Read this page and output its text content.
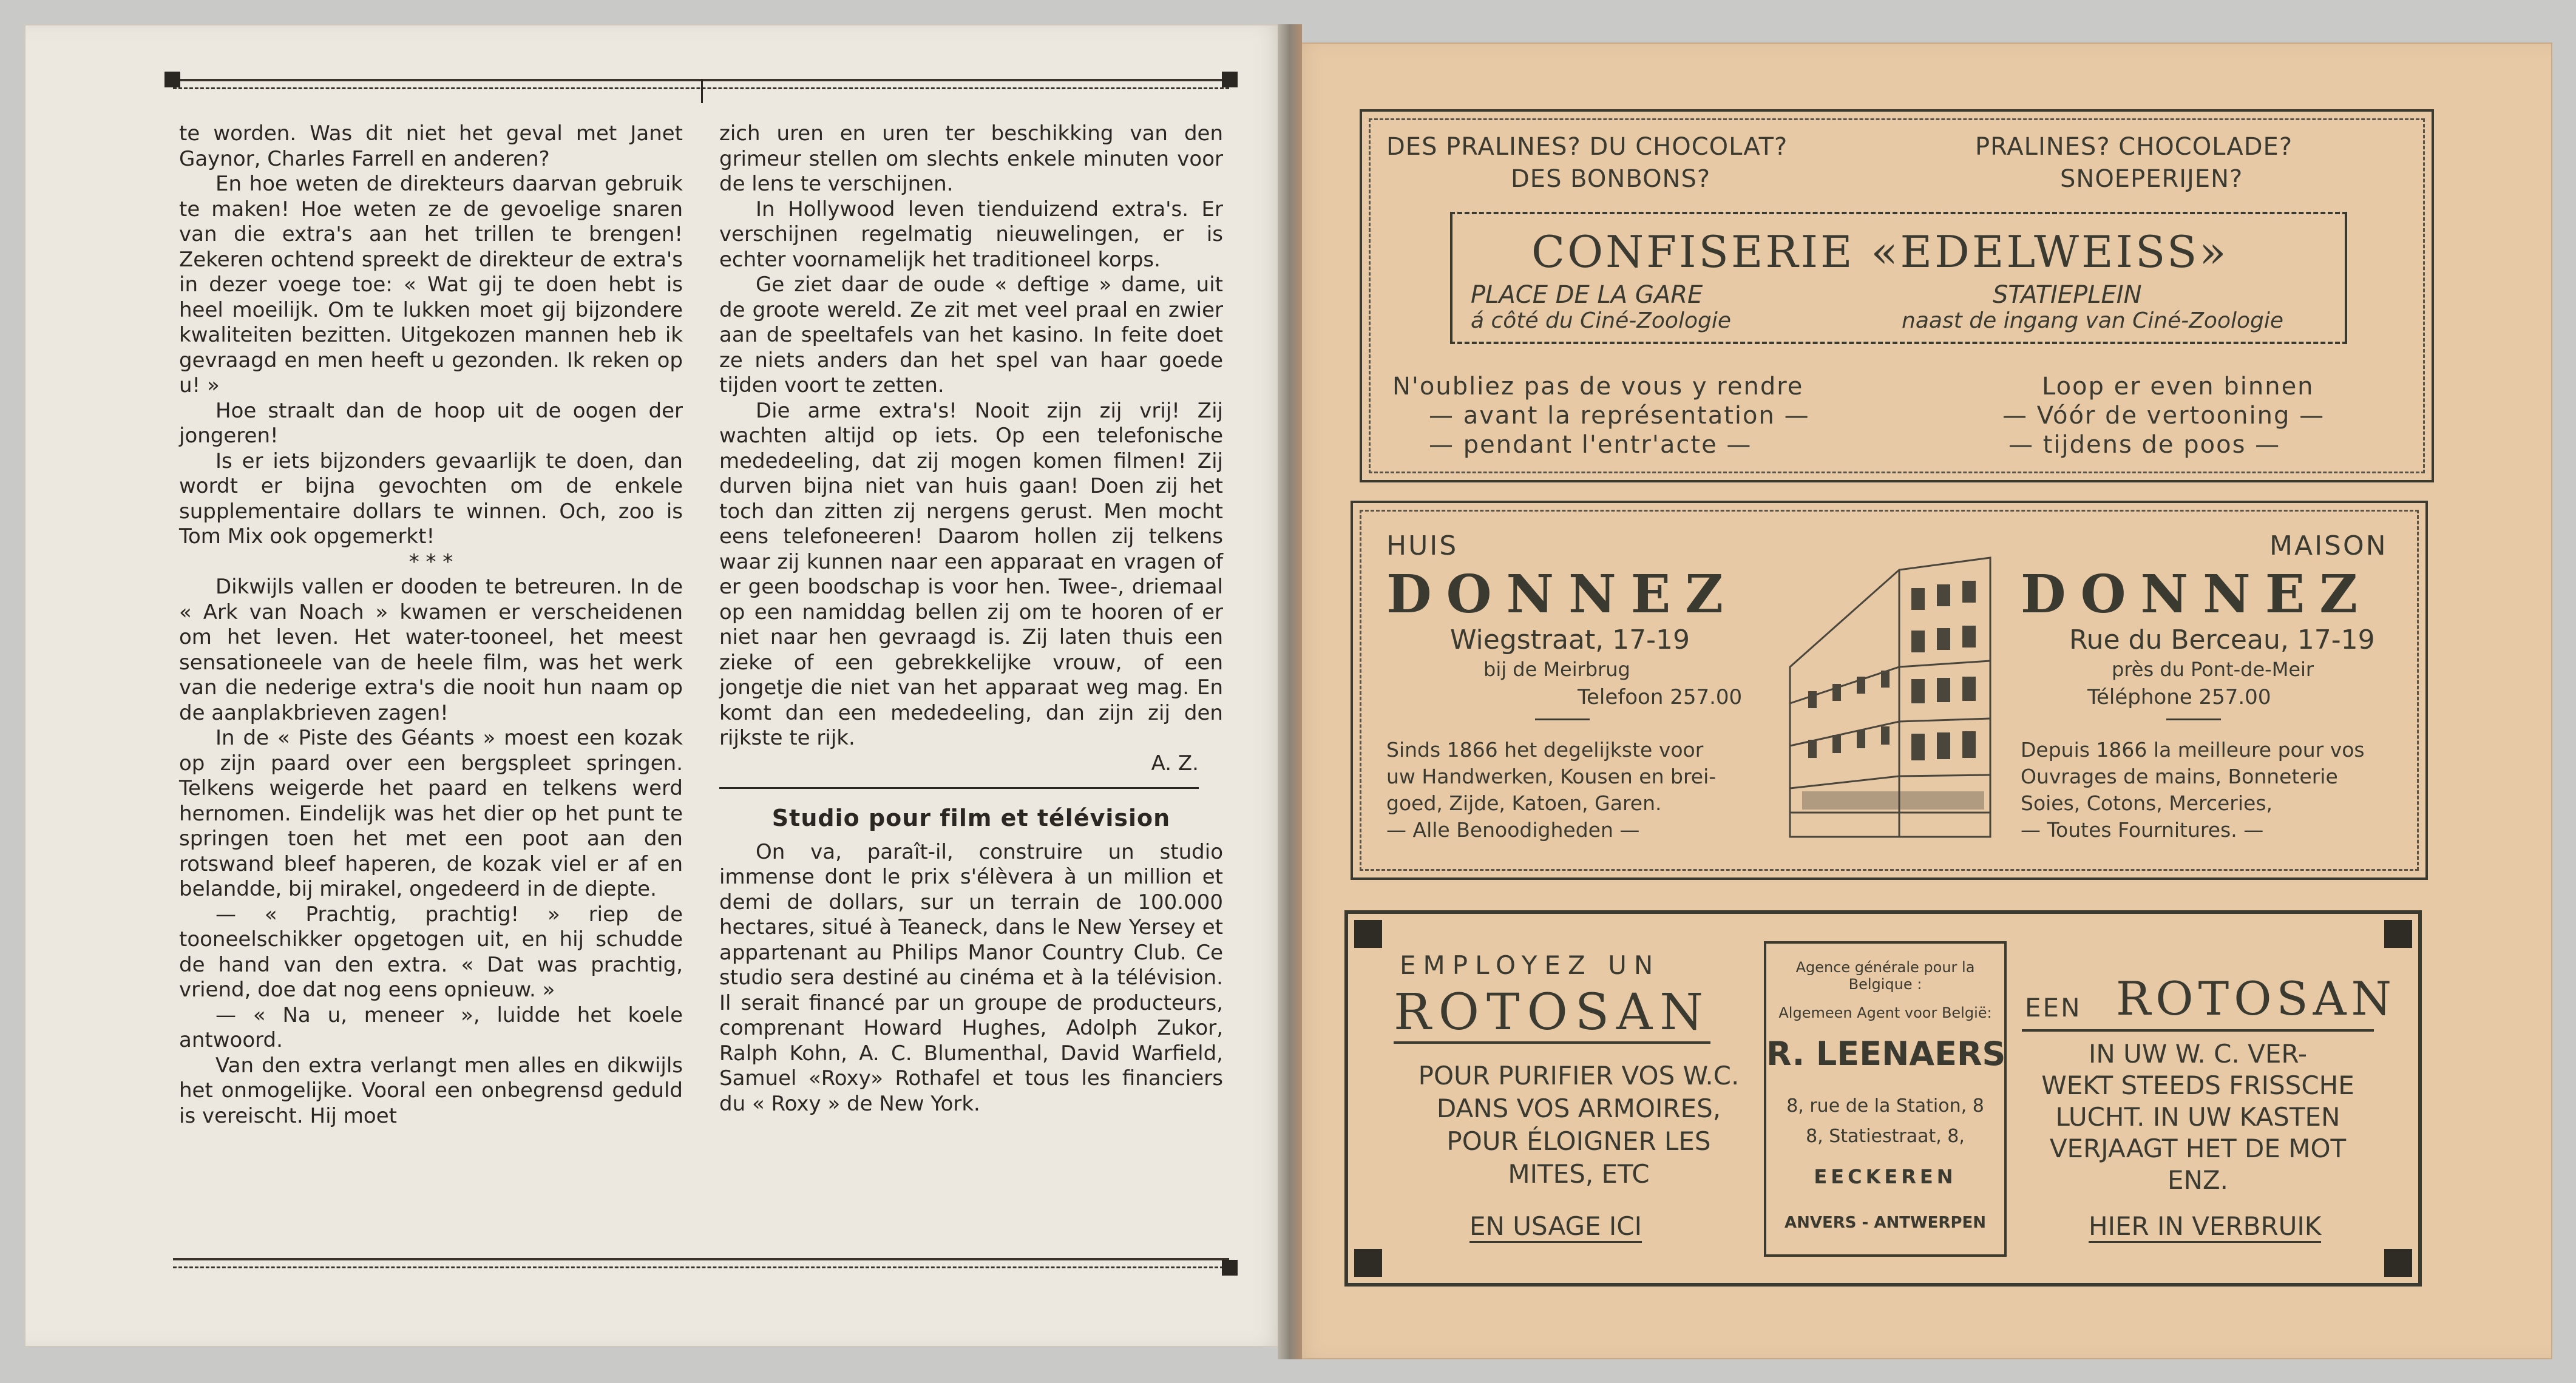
te worden. Was dit niet het geval met Janet Gaynor, Charles Farrell en anderen?

En hoe weten de direkteurs daarvan gebruik te maken! Hoe weten ze de gevoelige snaren van die extra's aan het trillen te brengen! Zekeren ochtend spreekt de direkteur de extra's in dezer voege toe: « Wat gij te doen hebt is heel moeilijk. Om te lukken moet gij bijzondere kwaliteiten bezitten. Uitgekozen mannen heb ik gevraagd en men heeft u gezonden. Ik reken op u! »

Hoe straalt dan de hoop uit de oogen der jongeren!

Is er iets bijzonders gevaarlijk te doen, dan wordt er bijna gevochten om de enkele supplementaire dollars te winnen. Och, zoo is Tom Mix ook opgemerkt!

* * *

Dikwijls vallen er dooden te betreuren. In de « Ark van Noach » kwamen er verscheidenen om het leven. Het water-tooneel, het meest sensationeele van de heele film, was het werk van die nederige extra's die nooit hun naam op de aanplakbrieven zagen!

In de « Piste des Géants » moest een kozak op zijn paard over een bergspleet springen. Telkens weigerde het paard en telkens werd hernomen. Eindelijk was het dier op het punt te springen toen het met een poot aan den rotswand bleef haperen, de kozak viel er af en belandde, bij mirakel, ongedeerd in de diepte.

— « Prachtig, prachtig! » riep de tooneelschikker opgetogen uit, en hij schudde de hand van den extra. « Dat was prachtig, vriend, doe dat nog eens opnieuw. »

— « Na u, meneer », luidde het koele antwoord.

Van den extra verlangt men alles en dikwijls het onmogelijke. Vooral een onbegrensd geduld is vereischt. Hij moet

zich uren en uren ter beschikking van den grimeur stellen om slechts enkele minuten voor de lens te verschijnen.

In Hollywood leven tienduizend extra's. Er verschijnen regelmatig nieuwelingen, er is echter voornamelijk het traditioneel korps.

Ge ziet daar de oude « deftige » dame, uit de groote wereld. Ze zit met veel praal en zwier aan de speeltafels van het kasino. In feite doet ze niets anders dan het spel van haar goede tijden voort te zetten.

Die arme extra's! Nooit zijn zij vrij! Zij wachten altijd op iets. Op een telefonische mededeeling, dat zij mogen komen filmen! Zij durven bijna niet van huis gaan! Doen zij het toch dan zitten zij nergens gerust. Men mocht eens telefoneeren! Daarom hollen zij telkens waar zij kunnen naar een apparaat en vragen of er geen boodschap is voor hen. Twee-, driemaal op een namiddag bellen zij om te hooren of er niet naar hen gevraagd is. Zij laten thuis een zieke of een gebrekkelijke vrouw, of een jongetje die niet van het apparaat weg mag. En komt dan een mededeeling, dan zijn zij den rijkste te rijk.

A. Z.

Studio pour film et télévision

On va, paraît-il, construire un studio immense dont le prix s'élèvera à un million et demi de dollars, sur un terrain de 100.000 hectares, situé à Teaneck, dans le New Yersey et appartenant au Philips Manor Country Club. Ce studio sera destiné au cinéma et à la télévision. Il serait financé par un groupe de producteurs, comprenant Howard Hughes, Adolph Zukor, Ralph Kohn, A. C. Blumenthal, David Warfield, Samuel «Roxy» Rothafel et tous les financiers du « Roxy » de New York.

DES PRALINES? DU CHOCOLAT?
DES BONBONS?
PRALINES? CHOCOLADE?
SNOEPERIJEN?
CONFISERIE «EDELWEISS»
PLACE DE LA GARE	STATIEPLEIN
á côté du Ciné-Zoologie	naast de ingang van Ciné-Zoologie
N'oubliez pas de vous y rendre
— avant la représentation —
— pendant l'entr'acte —
Loop er even binnen
— Vóór de vertooning —
— tijdens de poos —
HUIS
DONNEZ
Wiegstraat, 17-19
bij de Meirbrug
Telefoon 257.00
Sinds 1866 het degelijkste voor
uw Handwerken, Kousen en brei-
goed, Zijde, Katoen, Garen.
— Alle Benoodigheden —
MAISON
DONNEZ
Rue du Berceau, 17-19
près du Pont-de-Meir
Téléphone 257.00
Depuis 1866 la meilleure pour vos
Ouvrages de mains, Bonneterie
Soies, Cotons, Merceries,
— Toutes Fournitures. —
EMPLOYEZ UN
ROTOSAN
POUR PURIFIER VOS W.C.
DANS VOS ARMOIRES,
POUR ÉLOIGNER LES
MITES, ETC
EN USAGE ICI
Agence générale pour la Belgique :
Algemeen Agent voor België:
R. LEENAERS
8, rue de la Station, 8
8, Statiestraat, 8,
EECKEREN
ANVERS - ANTWERPEN
EEN ROTOSAN
IN UW W. C. VER-
WEKT STEEDS FRISSCHE
LUCHT. IN UW KASTEN
VERJAAGT HET DE MOT
ENZ.
HIER IN VERBRUIK
